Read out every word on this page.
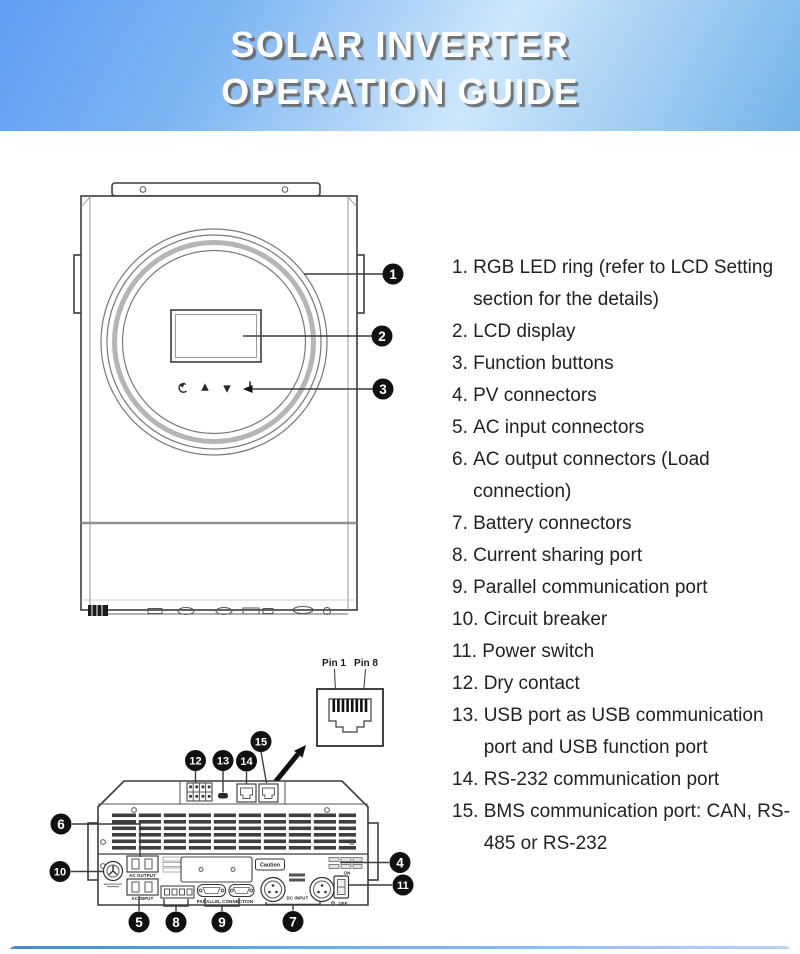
SOLAR INVERTER
OPERATION GUIDE
1
2
3
Pin 1 Pin 8
AC OUTPUT
AC INPUT
PARALLEL CONNECTION
Caution
DC INPUT
ON
OFF
6
10
4
11
5 8	9	7
12 13 14
15
1. RGB LED ring (refer to LCD Setting section for the details)
2. LCD display
3. Function buttons
4. PV connectors
5. AC input connectors
6. AC output connectors (Load connection)
7. Battery connectors
8. Current sharing port
9. Parallel communication port
10. Circuit breaker
11. Power switch
12. Dry contact
13. USB port as USB communication port and USB function port
14. RS-232 communication port
15. BMS communication port: CAN, RS-485 or RS-232
